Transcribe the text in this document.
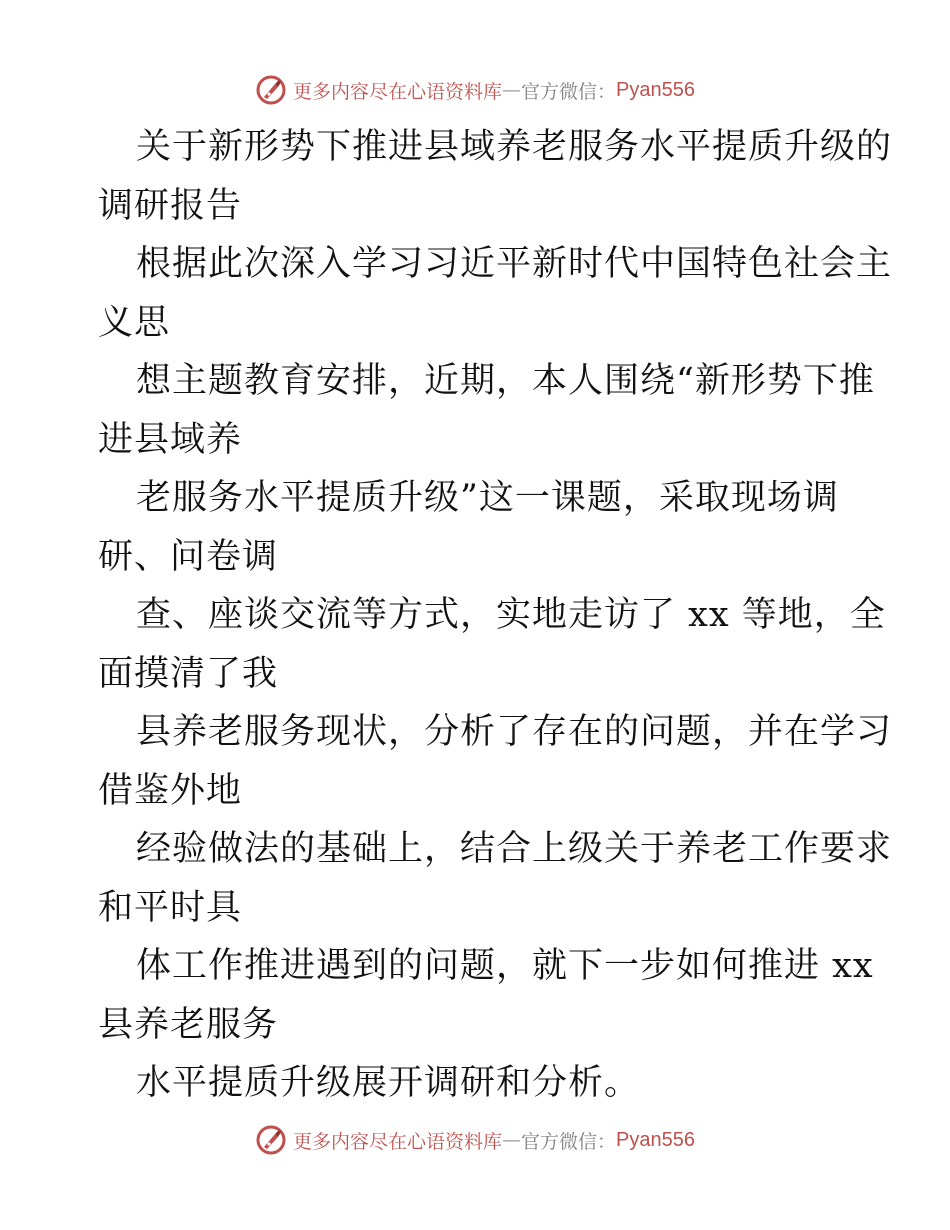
更多内容尽在心语资料库 — 官方微信： Pyan556
关于新形势下推进县域养老服务水平提质升级的
调研报告
根据此次深入学习习近平新时代中国特色社会主
义思
想主题教育安排，近期，本人围绕“新形势下推
进县域养
老服务水平提质升级”这一课题，采取现场调
研、问卷调
查、座谈交流等方式，实地走访了 xx 等地，全
面摸清了我
县养老服务现状，分析了存在的问题，并在学习
借鉴外地
经验做法的基础上，结合上级关于养老工作要求
和平时具
体工作推进遇到的问题，就下一步如何推进 xx
县养老服务
水平提质升级展开调研和分析。
更多内容尽在心语资料库 — 官方微信： Pyan556
